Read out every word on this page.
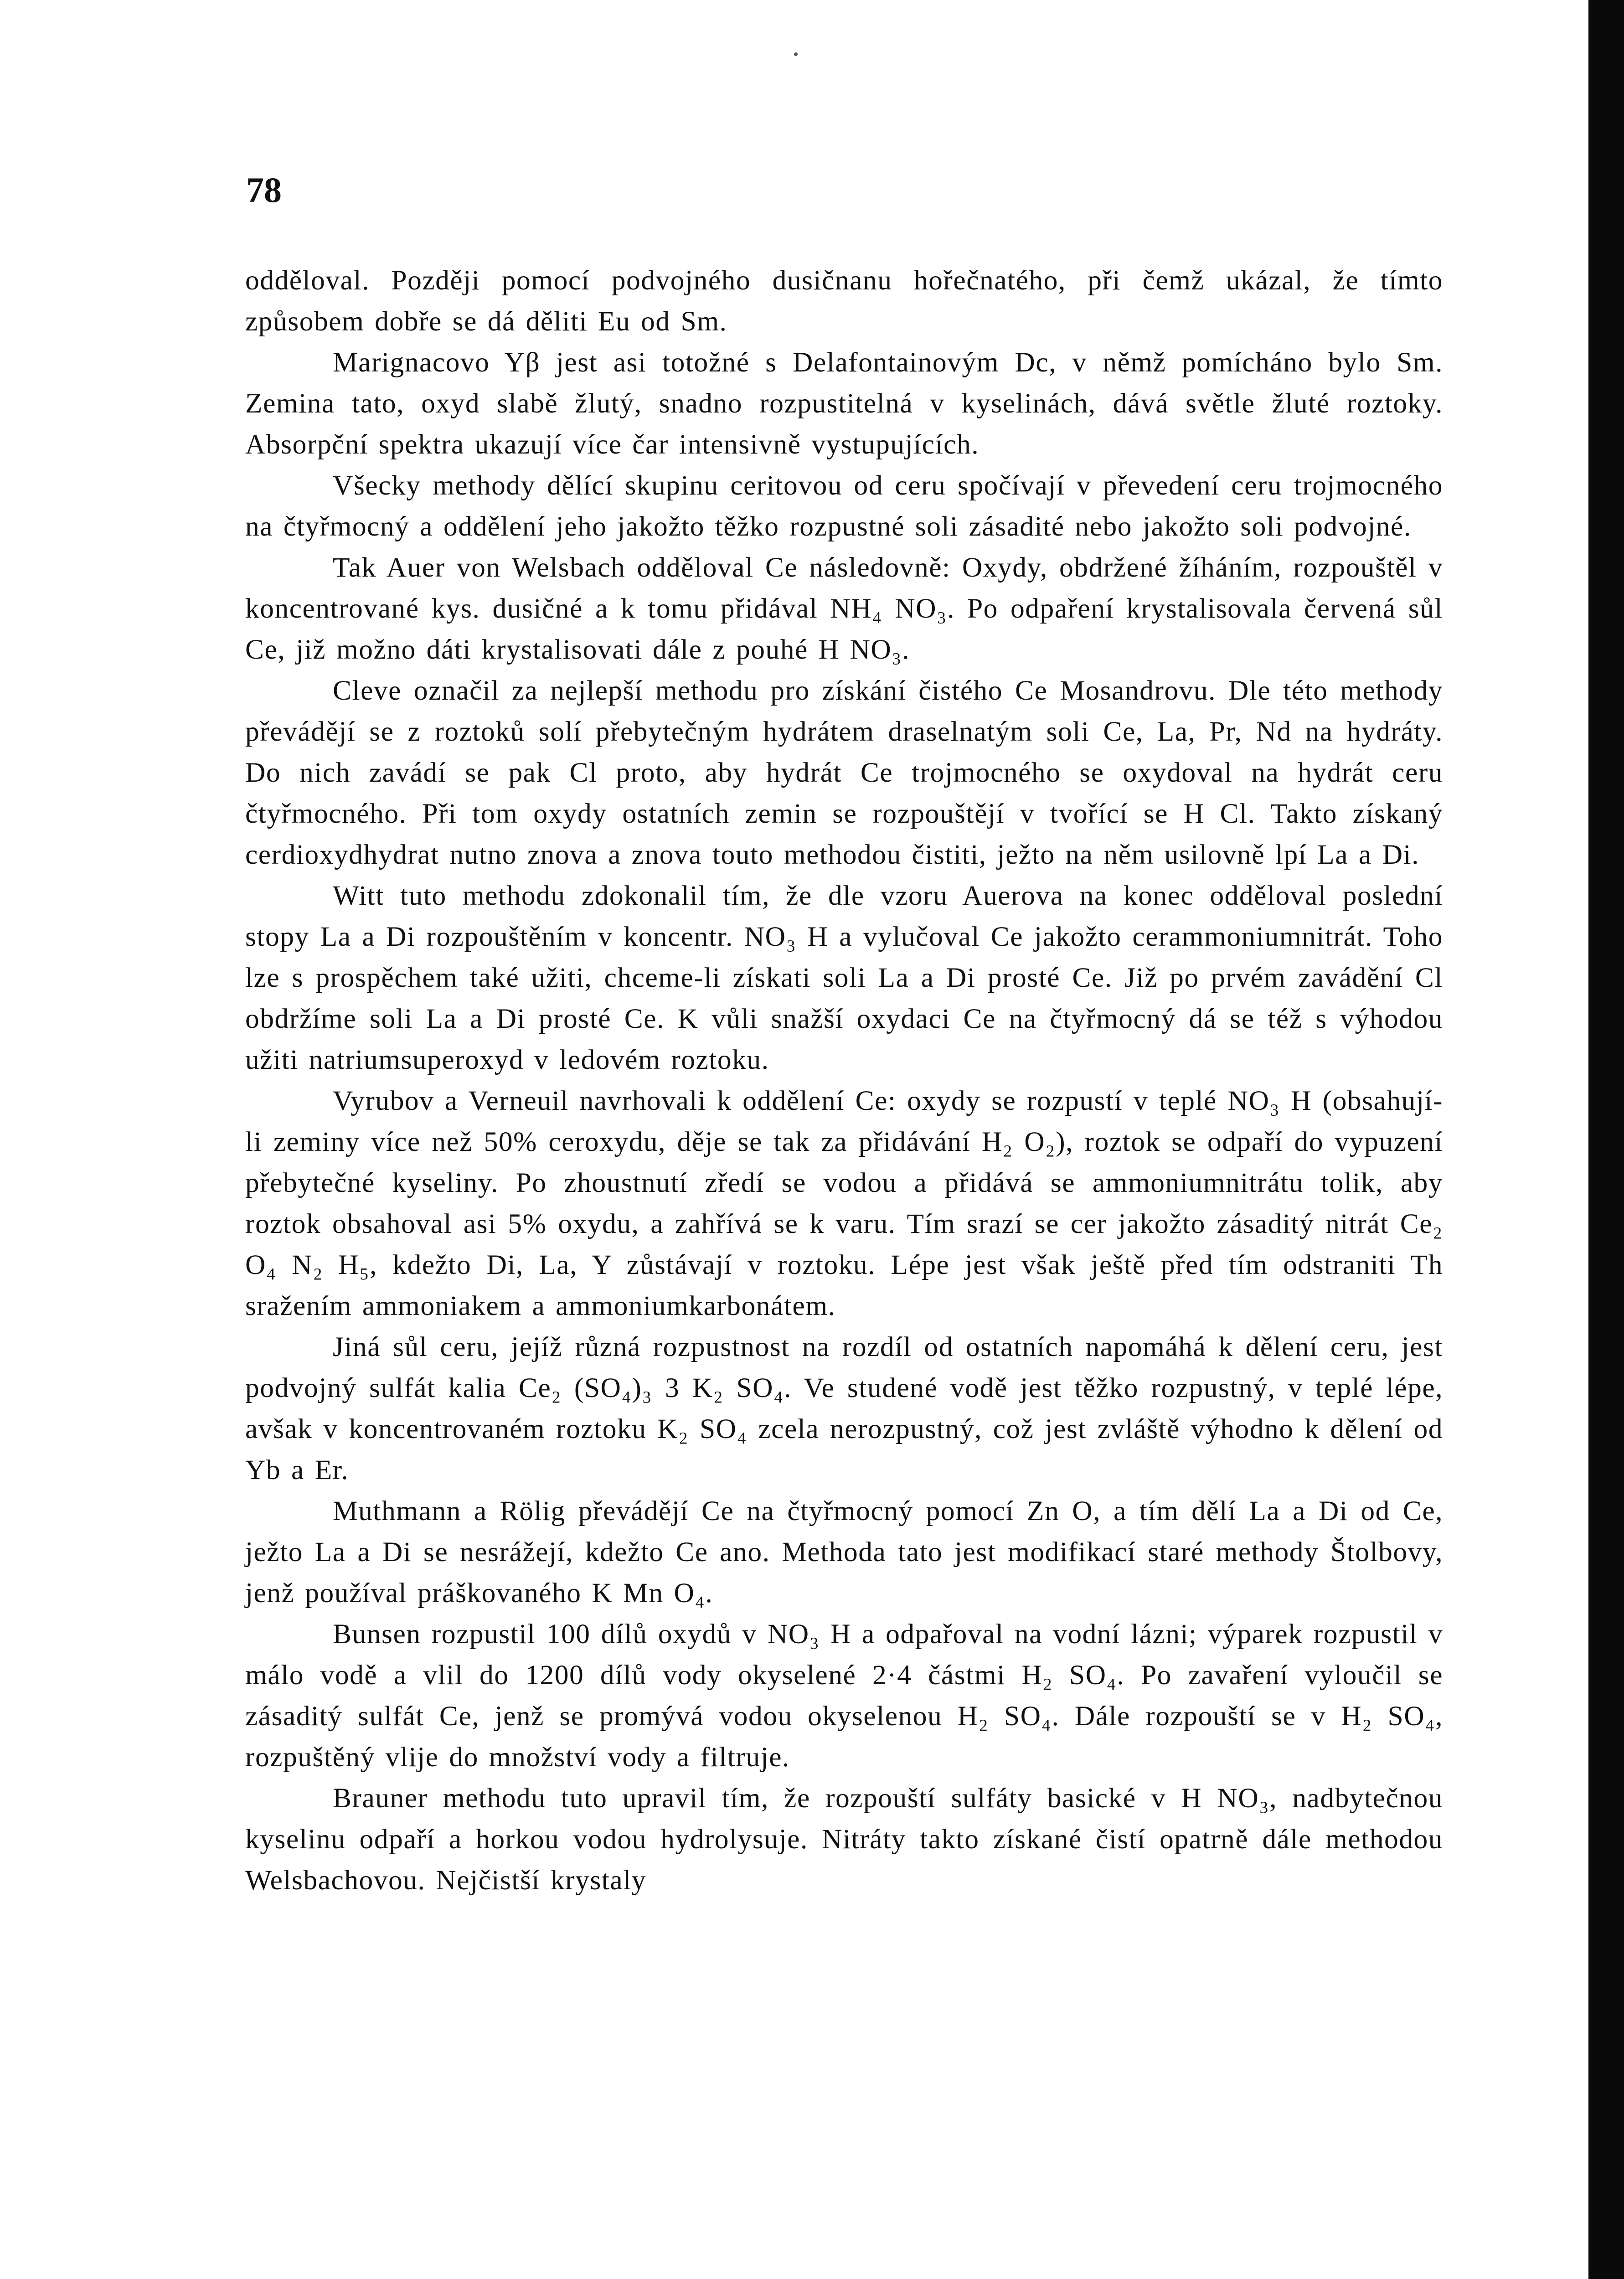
78

odděloval. Později pomocí podvojného dusičnanu hořečnatého, při čemž ukázal, že tímto způsobem dobře se dá děliti Eu od Sm.

Marignacovo Yβ jest asi totožné s Delafontainovým Dc, v němž pomícháno bylo Sm. Zemina tato, oxyd slabě žlutý, snadno rozpustitelná v kyselinách, dává světle žluté roztoky. Absorpční spektra ukazují více čar intensivně vystupujících.

Všecky methody dělící skupinu ceritovou od ceru spočívají v převedení ceru trojmocného na čtyřmocný a oddělení jeho jakožto těžko rozpustné soli zásadité nebo jakožto soli podvojné.

Tak Auer von Welsbach odděloval Ce následovně: Oxydy, obdržené žíháním, rozpouštěl v koncentrované kys. dusičné a k tomu přidával NH₄ NO₃. Po odpaření krystalisovala červená sůl Ce, již možno dáti krystalisovati dále z pouhé H NO₃.

Cleve označil za nejlepší methodu pro získání čistého Ce Mosandrovu. Dle této methody převádějí se z roztoků solí přebytečným hydrátem draselnatým soli Ce, La, Pr, Nd na hydráty. Do nich zavádí se pak Cl proto, aby hydrát Ce trojmocného se oxydoval na hydrát ceru čtyřmocného. Při tom oxydy ostatních zemin se rozpouštějí v tvořící se H Cl. Takto získaný cerdioxydhydrat nutno znova a znova touto methodou čistiti, ježto na něm usilovně lpí La a Di.

Witt tuto methodu zdokonalil tím, že dle vzoru Auerova na konec odděloval poslední stopy La a Di rozpouštěním v koncentr. NO₃ H a vylučoval Ce jakožto cerammoniumnitrát. Toho lze s prospěchem také užiti, chceme-li získati soli La a Di prosté Ce. Již po prvém zavádění Cl obdržíme soli La a Di prosté Ce. K vůli snažší oxydaci Ce na čtyřmocný dá se též s výhodou užiti natriumsuperoxyd v ledovém roztoku.

Vyrubov a Verneuil navrhovali k oddělení Ce: oxydy se rozpustí v teplé NO₃ H (obsahují-li zeminy více než 50% ceroxydu, děje se tak za přidávání H₂ O₂), roztok se odpaří do vypuzení přebytečné kyseliny. Po zhoustnutí zředí se vodou a přidává se ammoniumnitrátu tolik, aby roztok obsahoval asi 5% oxydu, a zahřívá se k varu. Tím srazí se cer jakožto zásaditý nitrát Ce₂ O₄ N₂ H₅, kdežto Di, La, Y zůstávají v roztoku. Lépe jest však ještě před tím odstraniti Th sražením ammoniakem a ammoniumkarbonátem.

Jiná sůl ceru, jejíž různá rozpustnost na rozdíl od ostatních napomáhá k dělení ceru, jest podvojný sulfát kalia Ce₂ (SO₄)₃ 3 K₂ SO₄. Ve studené vodě jest těžko rozpustný, v teplé lépe, avšak v koncentrovaném roztoku K₂ SO₄ zcela nerozpustný, což jest zvláště výhodno k dělení od Yb a Er.

Muthmann a Rölig převádějí Ce na čtyřmocný pomocí Zn O, a tím dělí La a Di od Ce, ježto La a Di se nesrážejí, kdežto Ce ano. Methoda tato jest modifikací staré methody Štolbovy, jenž používal práškovaného K Mn O₄.

Bunsen rozpustil 100 dílů oxydů v NO₃ H a odpařoval na vodní lázni; výparek rozpustil v málo vodě a vlil do 1200 dílů vody okyselené 2·4 částmi H₂ SO₄. Po zavaření vyloučil se zásaditý sulfát Ce, jenž se promývá vodou okyselenou H₂ SO₄. Dále rozpouští se v H₂ SO₄, rozpuštěný vlije do množství vody a filtruje.

Brauner methodu tuto upravil tím, že rozpouští sulfáty basické v H NO₃, nadbytečnou kyselinu odpaří a horkou vodou hydrolysuje. Nitráty takto získané čistí opatrně dále methodou Welsbachovou. Nejčistší krystaly
